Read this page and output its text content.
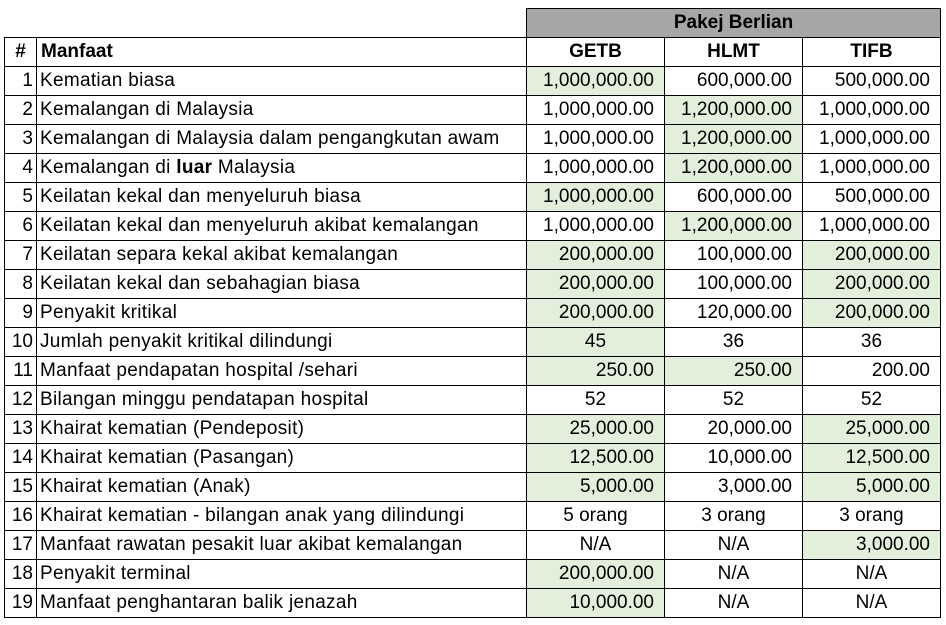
		Pakej Berlian		
#	Manfaat	GETB	HLMT	TIFB
1	Kematian biasa	1,000,000.00	600,000.00	500,000.00
2	Kemalangan di Malaysia	1,000,000.00	1,200,000.00	1,000,000.00
3	Kemalangan di Malaysia dalam pengangkutan awam	1,000,000.00	1,200,000.00	1,000,000.00
4	Kemalangan di luar Malaysia	1,000,000.00	1,200,000.00	1,000,000.00
5	Keilatan kekal dan menyeluruh biasa	1,000,000.00	600,000.00	500,000.00
6	Keilatan kekal dan menyeluruh akibat kemalangan	1,000,000.00	1,200,000.00	1,000,000.00
7	Keilatan separa kekal akibat kemalangan	200,000.00	100,000.00	200,000.00
8	Keilatan kekal dan sebahagian biasa	200,000.00	100,000.00	200,000.00
9	Penyakit kritikal	200,000.00	120,000.00	200,000.00
10	Jumlah penyakit kritikal dilindungi	45	36	36
11	Manfaat pendapatan hospital /sehari	250.00	250.00	200.00
12	Bilangan minggu pendatapan hospital	52	52	52
13	Khairat kematian (Pendeposit)	25,000.00	20,000.00	25,000.00
14	Khairat kematian (Pasangan)	12,500.00	10,000.00	12,500.00
15	Khairat kematian (Anak)	5,000.00	3,000.00	5,000.00
16	Khairat kematian - bilangan anak yang dilindungi	5 orang	3 orang	3 orang
17	Manfaat rawatan pesakit luar akibat kemalangan	N/A	N/A	3,000.00
18	Penyakit terminal	200,000.00	N/A	N/A
19	Manfaat penghantaran balik jenazah	10,000.00	N/A	N/A
